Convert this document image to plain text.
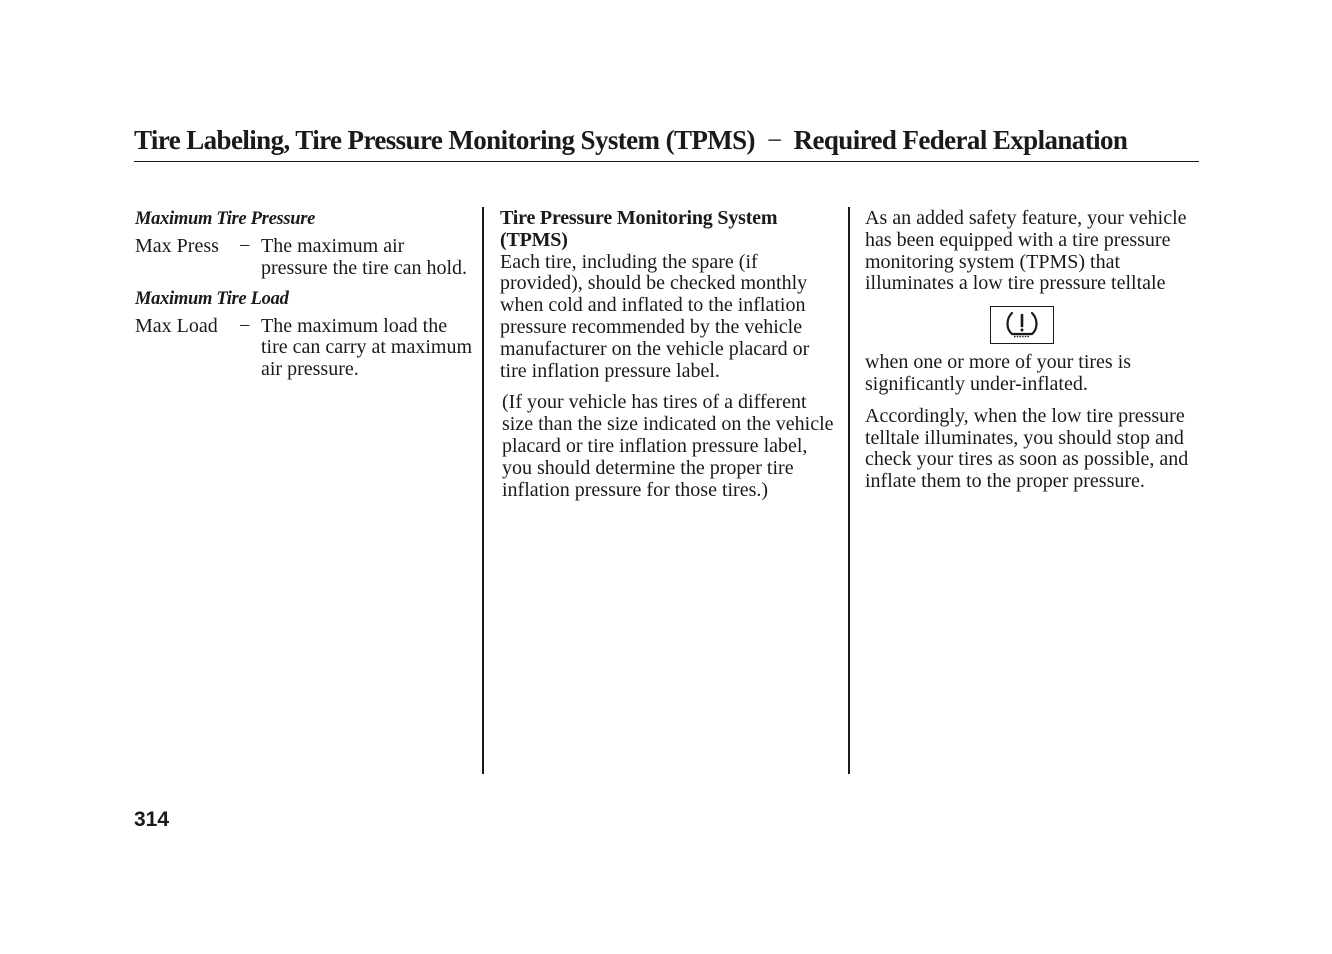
Tire Labeling, Tire Pressure Monitoring System (TPMS) − Required Federal Explanation
Maximum Tire Pressure
Max Press − The maximum air pressure the tire can hold.
Maximum Tire Load
Max Load − The maximum load the tire can carry at maximum air pressure.
Tire Pressure Monitoring System (TPMS)

Each tire, including the spare (if provided), should be checked monthly when cold and inflated to the inflation pressure recommended by the vehicle manufacturer on the vehicle placard or tire inflation pressure label.

(If your vehicle has tires of a different size than the size indicated on the vehicle placard or tire inflation pressure label, you should determine the proper tire inflation pressure for those tires.)

As an added safety feature, your vehicle has been equipped with a tire pressure monitoring system (TPMS) that illuminates a low tire pressure telltale

when one or more of your tires is significantly under-inflated.

Accordingly, when the low tire pressure telltale illuminates, you should stop and check your tires as soon as possible, and inflate them to the proper pressure.

314
